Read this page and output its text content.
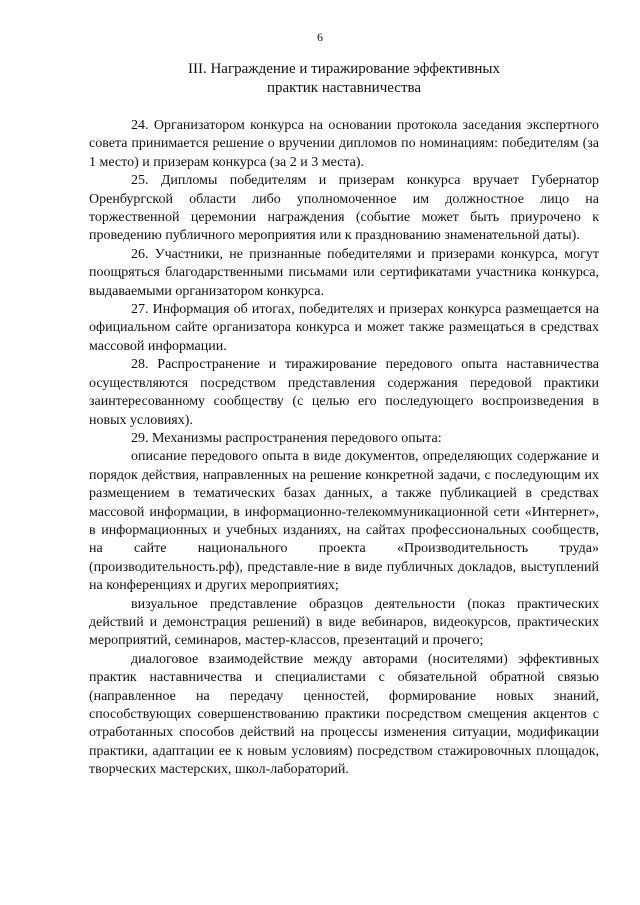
6
III. Награждение и тиражирование эффективных
практик наставничества

24. Организатором конкурса на основании протокола заседания экспертного совета принимается решение о вручении дипломов по номинациям: победителям (за 1 место) и призерам конкурса (за 2 и 3 места).

25. Дипломы победителям и призерам конкурса вручает Губернатор Оренбургской области либо уполномоченное им должностное лицо на торжественной церемонии награждения (событие может быть приурочено к проведению публичного мероприятия или к празднованию знаменательной даты).

26. Участники, не признанные победителями и призерами конкурса, могут поощряться благодарственными письмами или сертификатами участника конкурса, выдаваемыми организатором конкурса.

27. Информация об итогах, победителях и призерах конкурса размещается на официальном сайте организатора конкурса и может также размещаться в средствах массовой информации.

28. Распространение и тиражирование передового опыта наставничества осуществляются посредством представления содержания передовой практики заинтересованному сообществу (с целью его последующего воспроизведения в новых условиях).

29. Механизмы распространения передового опыта:

описание передового опыта в виде документов, определяющих содержание и порядок действия, направленных на решение конкретной задачи, с последующим их размещением в тематических базах данных, а также публикацией в средствах массовой информации, в информационно-телекоммуникационной сети «Интернет», в информационных и учебных изданиях, на сайтах профессиональных сообществ, на сайте национального проекта «Производительность труда» (производительность.рф), представле-ние в виде публичных докладов, выступлений на конференциях и других мероприятиях;

визуальное представление образцов деятельности (показ практических действий и демонстрация решений) в виде вебинаров, видеокурсов, практических мероприятий, семинаров, мастер-классов, презентаций и прочего;

диалоговое взаимодействие между авторами (носителями) эффективных практик наставничества и специалистами с обязательной обратной связью (направленное на передачу ценностей, формирование новых знаний, способствующих совершенствованию практики посредством смещения акцентов с отработанных способов действий на процессы изменения ситуации, модификации практики, адаптации ее к новым условиям) посредством стажировочных площадок, творческих мастерских, школ-лабораторий.
